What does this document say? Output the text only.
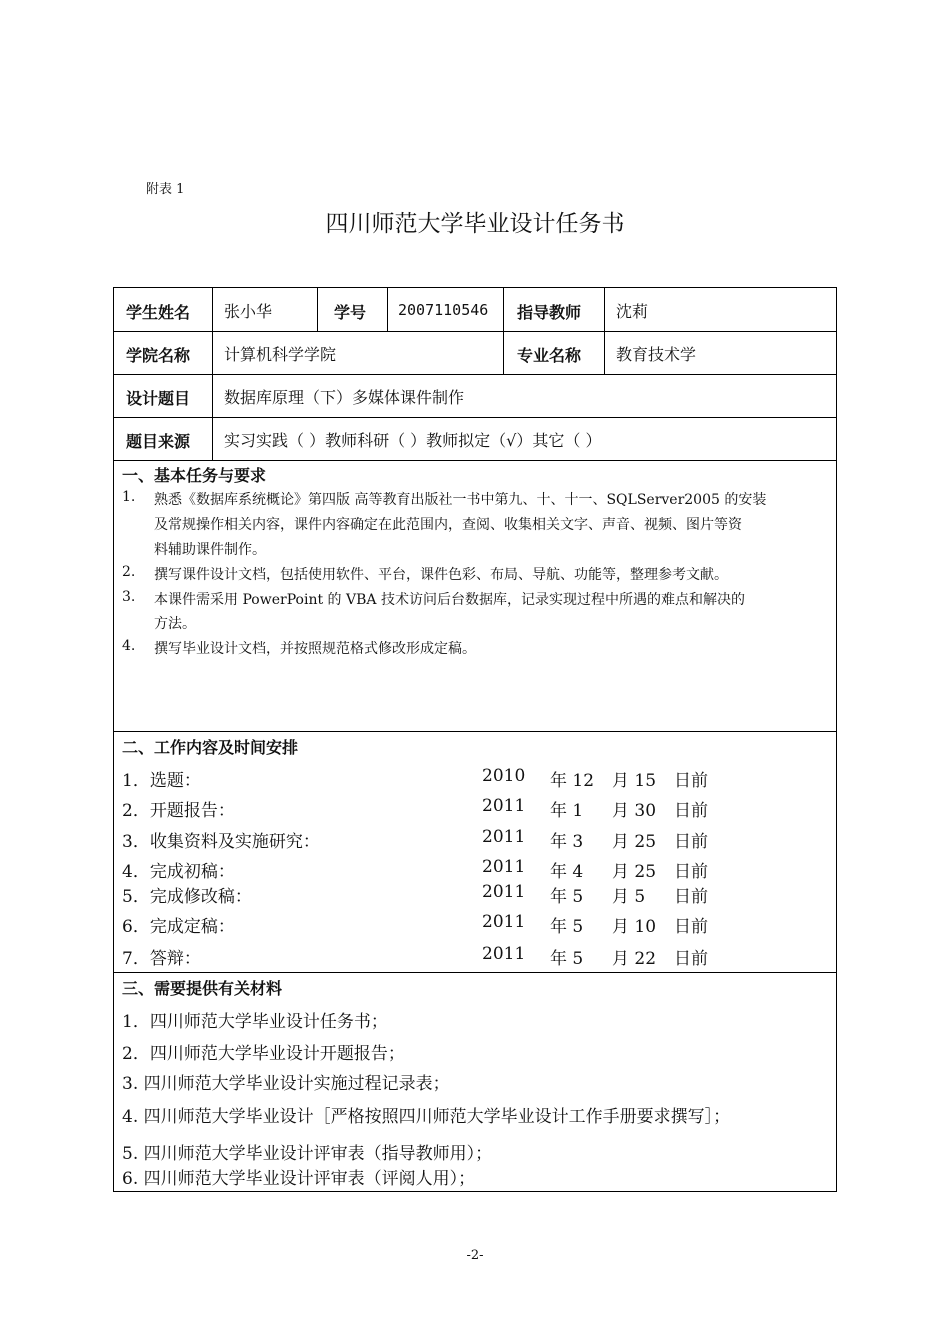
附表 1
四川师范大学毕业设计任务书
学生姓名 张小华	学号 2007110546 指导教师 沈莉
学院名称 计算机科学学院	专业名称 教育技术学
设计题目 数据库原理（下）多媒体课件制作
题目来源 实习实践（ ）教师科研（ ）教师拟定（√）其它（ ）
一、基本任务与要求
1. 熟悉《数据库系统概论》第四版 高等教育出版社一书中第九、十、十一、SQLServer2005 的安装
及常规操作相关内容，课件内容确定在此范围内，查阅、收集相关文字、声音、视频、图片等资
料辅助课件制作。
2. 撰写课件设计文档，包括使用软件、平台，课件色彩、布局、导航、功能等，整理参考文献。
3. 本课件需采用 PowerPoint 的 VBA 技术访问后台数据库，记录实现过程中所遇的难点和解决的
方法。
4. 撰写毕业设计文档，并按照规范格式修改形成定稿。
二、工作内容及时间安排
1．选题：	2010 年 12 月 15 日前
2．开题报告：	2011 年 1 月 30 日前
3．收集资料及实施研究：	2011 年 3 月 25 日前
4．完成初稿：	2011 年 4 月 25 日前
5．完成修改稿：	2011 年 5 月 5 日前
6．完成定稿：	2011 年 5 月 10 日前
7．答辩：	2011 年 5 月 22 日前
三、需要提供有关材料
1．四川师范大学毕业设计任务书；
2．四川师范大学毕业设计开题报告；
3. 四川师范大学毕业设计实施过程记录表；
4. 四川师范大学毕业设计［严格按照四川师范大学毕业设计工作手册要求撰写］；
5. 四川师范大学毕业设计评审表（指导教师用）；
6. 四川师范大学毕业设计评审表（评阅人用）；
-2-
